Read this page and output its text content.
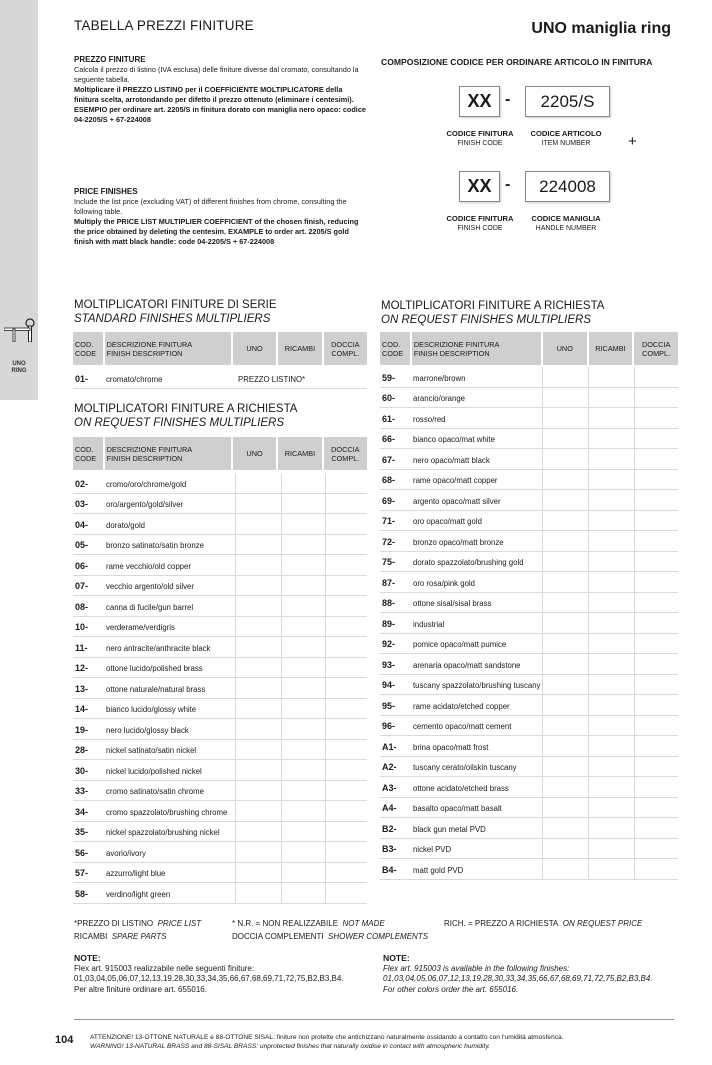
UNO
RING
TABELLA PREZZI FINITURE	UNO maniglia ring
PREZZO FINITURE
Calcola il prezzo di listino (IVA esclusa) delle finiture diverse dal cromato, consultando la seguente tabella.
Moltiplicare il PREZZO LISTINO per il COEFFICIENTE MOLTIPLICATORE della finitura scelta, arrotondando per difetto il prezzo ottenuto (eliminare i centesimi).
ESEMPIO per ordinare art. 2205/S in finitura dorato con maniglia nero opaco: codice 04-2205/S + 67-224008
PRICE FINISHES
Include the list price (excluding VAT) of different finishes from chrome, consulting the following table.
Multiply the PRICE LIST MULTIPLIER COEFFICIENT of the chosen finish, reducing the price obtained by deleting the centesim. EXAMPLE to order art. 2205/S gold finish with matt black handle: code 04-2205/S + 67-224008
COMPOSIZIONE CODICE PER ORDINARE ARTICOLO IN FINITURA
XX -	2205/S
CODICE FINITURA
FINISH CODE
CODICE ARTICOLO
ITEM NUMBER	+
XX -	224008
CODICE FINITURA
FINISH CODE
CODICE MANIGLIA
HANDLE NUMBER
MOLTIPLICATORI FINITURE DI SERIE
STANDARD FINISHES MULTIPLIERS
COD.
CODE
DESCRIZIONE FINITURA
FINISH DESCRIPTION	UNO	RICAMBI	DOCCIA
COMPL.
01-	cromato/chrome	PREZZO LISTINO*
MOLTIPLICATORI FINITURE A RICHIESTA
ON REQUEST FINISHES MULTIPLIERS
COD.
CODE
DESCRIZIONE FINITURA
FINISH DESCRIPTION	UNO	RICAMBI	DOCCIA
COMPL.
02-	cromo/oro/chrome/gold
03-	oro/argento/gold/silver
04-	dorato/gold
05-	bronzo satinato/satin bronze
06-	rame vecchio/old copper
07-	vecchio argento/old silver
08-	canna di fucile/gun barrel
10-	verderame/verdigris
11-	nero antracite/anthracite black
12-	ottone lucido/polished brass
13-	ottone naturale/natural brass
14-	bianco lucido/glossy white
19-	nero lucido/glossy black
28-	nickel satinato/satin nickel
30-	nickel lucido/polished nickel
33-	cromo satinato/satin chrome
34-	cromo spazzolato/brushing chrome
35-	nickel spazzolato/brushing nickel
56-	avorio/ivory
57-	azzurro/light blue
58-	verdino/light green
MOLTIPLICATORI FINITURE A RICHIESTA
ON REQUEST FINISHES MULTIPLIERS
COD.
CODE
DESCRIZIONE FINITURA
FINISH DESCRIPTION	UNO	RICAMBI	DOCCIA
COMPL.
59-	marrone/brown
60-	arancio/orange
61-	rosso/red
66-	bianco opaco/mat white
67-	nero opaco/matt black
68-	rame opaco/matt copper
69-	argento opaco/matt silver
71-	oro opaco/matt gold
72-	bronzo opaco/matt bronze
75-	dorato spazzolato/brushing gold
87-	oro rosa/pink gold
88-	ottone sisal/sisal brass
89-	industrial
92-	pomice opaco/matt pumice
93-	arenaria opaco/matt sandstone
94-	tuscany spazzolato/brushing tuscany
95-	rame acidato/etched copper
96-	cemento opaco/matt cement
A1-	brina opaco/matt frost
A2-	tuscany cerato/oilskin tuscany
A3-	ottone acidato/etched brass
A4-	basalto opaco/matt basalt
B2-	black gun metal PVD
B3-	nickel PVD
B4-	matt gold PVD
*PREZZO DI LISTINO PRICE LIST
RICAMBI SPARE PARTS
* N.R. = NON REALIZZABILE NOT MADE
DOCCIA COMPLEMENTI SHOWER COMPLEMENTS
RICH. = PREZZO A RICHIESTA ON REQUEST PRICE
NOTE:
Flex art. 915003 realizzabile nelle seguenti finiture:
01,03,04,05,06,07,12,13,19,28,30,33,34,35,66,67,68,69,71,72,75,B2,B3,B4.
Per altre finiture ordinare art. 655016.
NOTE:
Flex art. 915003 is available in the following finishes:
01,03,04,05,06,07,12,13,19,28,30,33,34,35,66,67,68,69,71,72,75,B2,B3,B4.
For other colors order the art. 655016.
104	ATTENZIONE! 13-OTTONE NATURALE e 88-OTTONE SISAL: finiture non protette che antichizzano naturalmente ossidando a contatto con l'umidità atmosferica.
WARNING! 13-NATURAL BRASS and 88-SISAL BRASS: unprotected finishes that naturally oxidise in contact with atmospheric humidity.
